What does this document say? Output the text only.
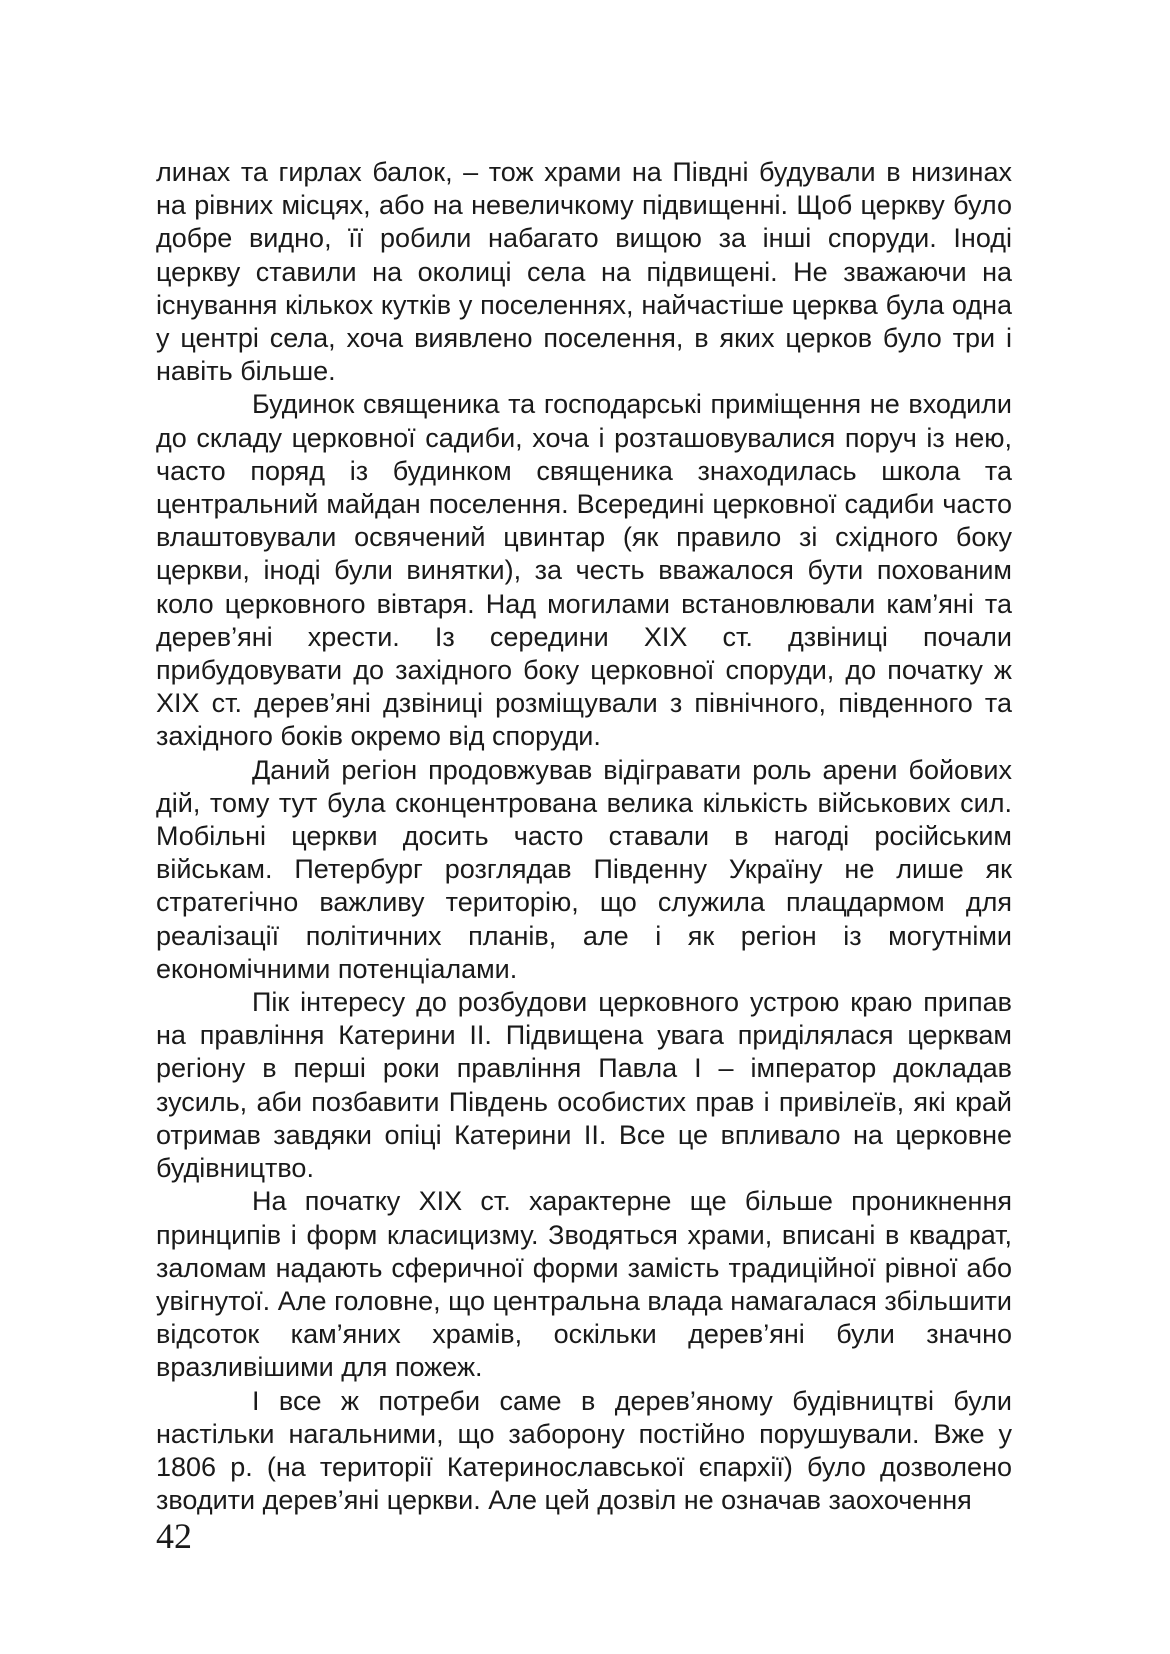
линах та гирлах балок, – тож храми на Півдні будували в низинах на рівних місцях, або на невеличкому підвищенні. Щоб церкву було добре видно, її робили набагато вищою за інші споруди. Іноді церкву ставили на околиці села на підвищені. Не зважаючи на існування кількох кутків у поселеннях, найчастіше церква була одна у центрі села, хоча виявлено поселення, в яких церков було три і навіть більше.

Будинок священика та господарські приміщення не входили до складу церковної садиби, хоча і розташовувалися поруч із нею, часто поряд із будинком священика знаходилась школа та центральний майдан поселення. Всередині церковної садиби часто влаштовували освячений цвинтар (як правило зі східного боку церкви, іноді були винятки), за честь вважалося бути похованим коло церковного вівтаря. Над могилами встановлювали кам’яні та дерев’яні хрести. Із середини ХІХ ст. дзвіниці почали прибудовувати до західного боку церковної споруди, до початку ж ХІХ ст. дерев’яні дзвіниці розміщували з північного, південного та західного боків окремо від споруди.

Даний регіон продовжував відігравати роль арени бойових дій, тому тут була сконцентрована велика кількість військових сил. Мобільні церкви досить часто ставали в нагоді російським військам. Петербург розглядав Південну Україну не лише як стратегічно важливу територію, що служила плацдармом для реалізації політичних планів, але і як регіон із могутніми економічними потенціалами.

Пік інтересу до розбудови церковного устрою краю припав на правління Катерини ІІ. Підвищена увага приділялася церквам регіону в перші роки правління Павла І – імператор докладав зусиль, аби позбавити Південь особистих прав і привілеїв, які край отримав завдяки опіці Катерини ІІ. Все це впливало на церковне будівництво.

На початку ХІХ ст. характерне ще більше проникнення принципів і форм класицизму. Зводяться храми, вписані в квадрат, заломам надають сферичної форми замість традиційної рівної або увігнутої. Але головне, що центральна влада намагалася збільшити відсоток кам’яних храмів, оскільки дерев’яні були значно вразливішими для пожеж.

І все ж потреби саме в дерев’яному будівництві були настільки нагальними, що заборону постійно порушували. Вже у 1806 р. (на території Катеринославської єпархії) було дозволено зводити дерев’яні церкви. Але цей дозвіл не означав заохочення

42
